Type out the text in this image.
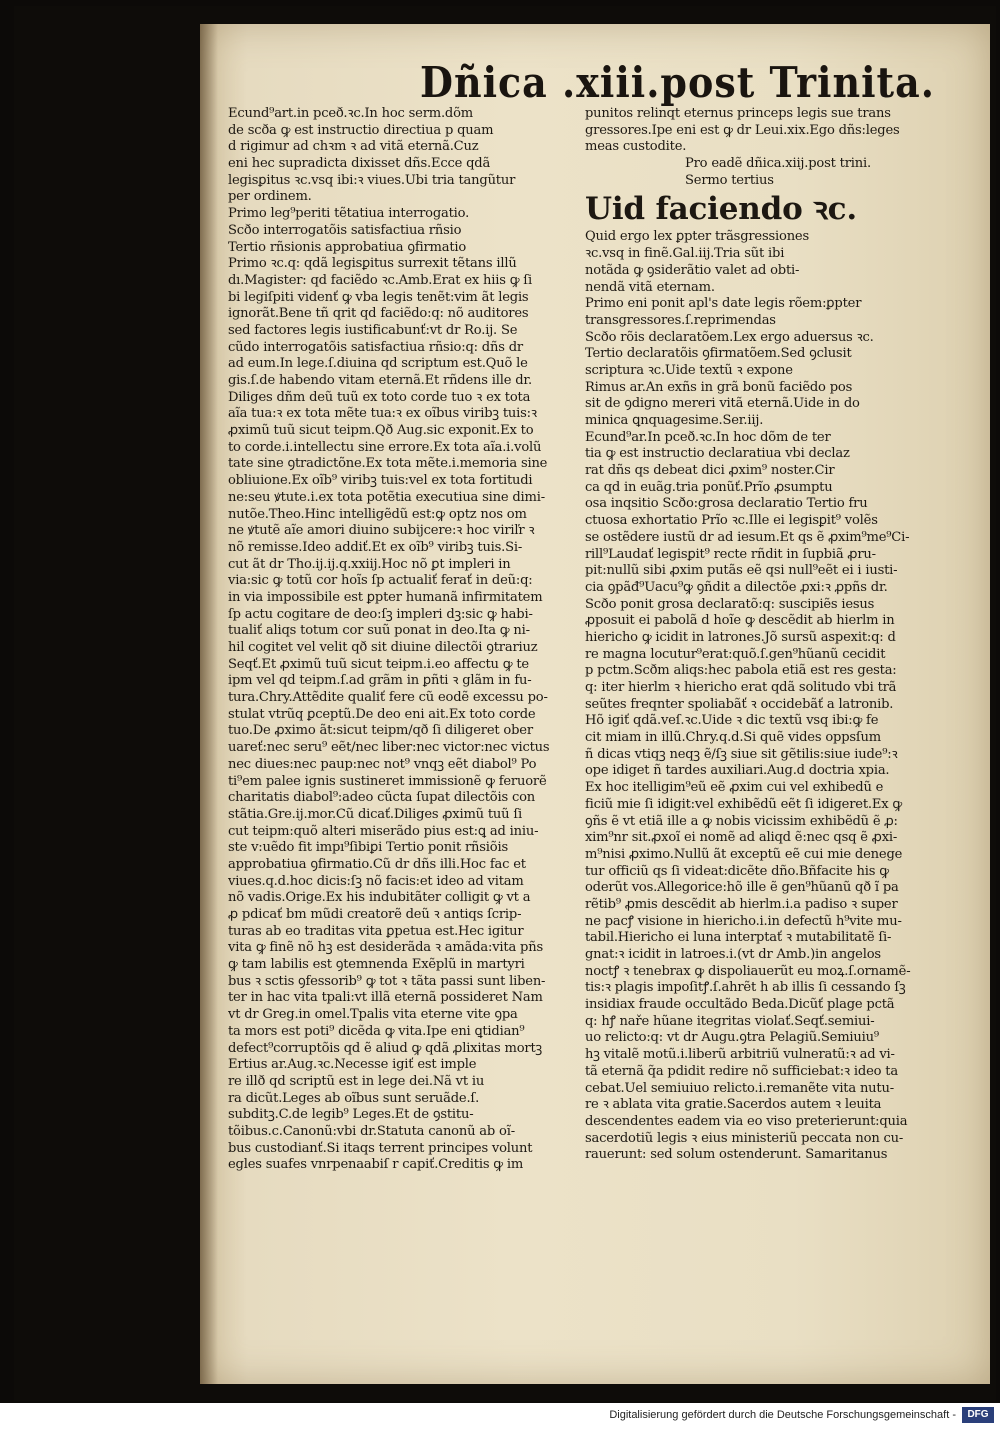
Dñica .xiii.post Trinita.
Ecund⁹art.in pceð.ꝛc.In hoc serm.dõm
de scða ꝙ est instructio directiua p quam
d rigimur ad chꝛm ꝛ ad vitã eternã.Cuz
eni hec supradicta dixisset dñs.Ecce qdã
legisꝑitus ꝛc.vsq ibi:ꝛ viues.Ubi tria tangũtur
per ordinem.
Primo leg⁹periti tẽtatiua interrogatio.
Scðo interrogatõis satisfactiua rñsio
Tertio rñsionis approbatiua ꝯfirmatio
Primo ꝛc.q: qdã legisꝑitus surrexit tẽtans illũ
dı.Magister: qd faciẽdo ꝛc.Amb.Erat ex hiis ꝙ ſi
bi legiſpiti videnť ꝙ vba legis tenẽt:vim ãt legis
ignorãt.Bene tñ qrit qd faciẽdo:q: nõ auditores
sed factores legis iustificabunť:vt dr Ro.ij. Se
cũdo interrogatõis satisfactiua rñsio:q: dñs dr
ad eum.In lege.ſ.diuina qd scriptum est.Quõ le
gis.ſ.de habendo vitam eternã.Et rñdens ille dr.
Diliges dñm deũ tuũ ex toto corde tuo ꝛ ex tota
aĩa tua:ꝛ ex tota mẽte tua:ꝛ ex oĩbus viribꝫ tuis:ꝛ
ꝓximũ tuũ sicut teipm.Qð Aug.sic exponit.Ex to
to corde.i.intellectu sine errore.Ex tota aĩa.i.volũ
tate sine ꝯtradictõne.Ex tota mẽte.i.memoria sine
obliuione.Ex oĩb⁹ viribꝫ tuis:vel ex tota fortitudi
ne:seu ꝟtute.i.ex tota potẽtia executiua sine dimi-
nutõe.Theo.Hinc intelligẽdũ est:ꝙ optz nos om
ne ꝟtutẽ aĩe amori diuino subijcere:ꝛ hoc viriľr ꝛ
nõ remisse.Ideo addiť.Et ex oĩb⁹ viribꝫ tuis.Si-
cut ãt dr Tho.ij.ij.q.xxiij.Hoc nõ ꝑt impleri in
via:sic ꝙ totũ cor hoĩs ſp actualiť ferať in deũ:q:
in via impossibile est ꝑpter humanã infirmitatem
ſp actu cogitare de deo:ſꝫ impleri dꝫ:sic ꝙ habi-
tualiť aliqs totum cor suũ ponat in deo.Ita ꝙ ni-
hil cogitet vel velit qð sit diuine dilectõi ꝯtrariuz
Seqť.Et ꝓximũ tuũ sicut teipm.i.eo affectu ꝙ te
ipm vel qd teipm.ſ.ad grãm in ꝑñti ꝛ glãm in fu-
tura.Chry.Attẽdite qualiť fere cũ eodẽ excessu po-
stulat vtrũq ꝑceptũ.De deo eni ait.Ex toto corde
tuo.De ꝓximo ãt:sicut teipm/qð ſi diligeret ober
uareť:nec seru⁹ eẽt/nec liber:nec victor:nec victus
nec diues:nec paup:nec not⁹ vnqꝫ eẽt diabol⁹ Po
ti⁹em palee ignis sustineret immissionẽ ꝙ feruorẽ
charitatis diabol⁹:adeo cũcta ſupat dilectõis con
stãtia.Gre.ij.mor.Cũ dicať.Diliges ꝓximũ tuũ ſi
cut teipm:quõ alteri miserãdo pius est:ꝗ ad iniu-
ste v:uẽdo fit impı⁹ſibiꝑi Tertio ponit rñsiõis
approbatiua ꝯfirmatio.Cũ dr dñs illi.Hoc fac et
viues.q.d.hoc dicis:ſꝫ nõ facis:et ideo ad vitam
nõ vadis.Orige.Ex his indubitãter colligit ꝙ vt a
ꝓ pdicať ḃm mũdi creatorẽ deũ ꝛ antiqs ſcrip-
turas ab eo traditas vita ꝑpetua est.Hec igitur
vita ꝙ finẽ nõ hꝫ est desiderãda ꝛ amãda:vita pñs
ꝙ tam labilis est ꝯtemnenda Exẽplũ in martyri
bus ꝛ sctis ꝯfessorib⁹ ꝙ tot ꝛ tãta passi sunt liben-
ter in hac vita tpali:vt illã eternã possideret Nam
vt dr Greg.in omel.Tpalis vita eterne vite ꝯpa
ta mors est poti⁹ dicẽda ꝙ vita.Ipe eni ꝗtidian⁹
defect⁹corruptõis qd ẽ aliud ꝙ qdã ꝓlixitas mortꝫ
Ertius ar.Aug.ꝛc.Necesse igiť est imple
re illð qd scriptũ est in lege dei.Nã vt iu
ra dicũt.Leges ab oĩbus sunt seruãde.ſ.
subditꝫ.C.de legib⁹ Leges.Et de ꝯstitu-
tõibus.c.Canonũ:vbi dr.Statuta canonũ ab oĩ-
bus custodianť.Si itaqs terrent principes volunt
egles suafes vnrpenaabiſ r capiť.Creditis ꝙ im
punitos relinqt eternus princeps legis sue trans
gressores.Ipe eni est ꝙ dr Leui.xix.Ego dñs:leges
meas custodite.
Pro eadẽ dñica.xiij.post trini.
Sermo tertius
Uid faciendo ꝛc.
Quid ergo lex ꝑpter trãsgressiones
ꝛc.vsq in finẽ.Gal.iij.Tria sũt ibi
notãda ꝙ ꝯsiderãtio valet ad obti-
nendã vitã eternam.
Primo eni ponit apl's date legis rõem:ꝑpter
transgressores.ſ.reprimendas
Scðo rõis declaratõem.Lex ergo aduersus ꝛc.
Tertio declaratõis ꝯfirmatõem.Sed ꝯclusit
scriptura ꝛc.Uide textũ ꝛ expone
Rimus ar.An exñs in grã bonũ faciẽdo pos
sit de ꝯdigno mereri vitã eternã.Uide in do
minica ꝗnquagesime.Ser.iij.
Ecund⁹ar.In pceð.ꝛc.In hoc dõm de ter
tia ꝙ est instructio declaratiua vbi declaz
rat dñs qs debeat dici ꝓxim⁹ noster.Cir
ca qd in euãg.tria ponũť.Prĩo ꝓsumptu
osa inqsitio Scðo:grosa declaratio Tertio fru
ctuosa exhortatio Prĩo ꝛc.Ille ei legisꝑit⁹ volẽs
se ostẽdere iustũ dr ad iesum.Et qs ẽ ꝓxim⁹me⁹Ci-
rill⁹Laudať legisꝑit⁹ recte rñdit in ſupbiã ꝓru-
pit:nullũ sibi ꝓxim putãs eẽ qsi null⁹eẽt ei i iusti-
cia ꝯpãđ⁹Uacu⁹ꝙ ꝯñdit a dilectõe ꝓxi:ꝛ ꝓpñs dr.
Scðo ponit grosa declaratõ:q: suscipiẽs iesus
ꝓposuit ei pabolã d hoĩe ꝙ descẽdit ab hierlm in
hiericho ꝙ icidit in latrones.Jõ sursũ aspexit:q: d
re magna locutur⁹erat:quõ.ſ.gen⁹hũanũ cecidit
p pctm.Scðm aliqs:hec pabola etiã est res gesta:
q: iter hierlm ꝛ hiericho erat qdã solitudo vbi trã
seũtes freqnter spoliabãť ꝛ occidebãť a latronib.
Hõ igiť qdã.veſ.ꝛc.Uide ꝛ dic textũ vsq ibi:ꝙ fe
cit miam in illũ.Chry.q.d.Si quẽ vides oppsſum
ñ dicas vtiqꝫ neqꝫ ẽ/ſꝫ siue sit gẽtilis:siue iude⁹:ꝛ
ope idiget ñ tardes auxiliari.Aug.d doctria xpia.
Ex hoc itelligim⁹eũ eẽ ꝓxim cui vel exhibedũ e
ficiũ mie ſi idigit:vel exhibẽdũ eẽt ſi idigeret.Ex ꝙ
ꝯñs ẽ vt etiã ille a ꝙ nobis vicissim exhibẽdũ ẽ ꝓ:
xim⁹nr sit.ꝓxoĩ ei nomẽ ad aliqd ẽ:nec qsq ẽ ꝓxi-
m⁹nisi ꝓximo.Nullũ ãt exceptũ eẽ cui mie denege
tur officiũ qs ſi videat:dicẽte dño.Bñfacite his ꝙ
oderũt vos.Allegorice:hõ ille ẽ gen⁹hũanũ qð ĩ pa
rẽtib⁹ ꝓmis descẽdit ab hierlm.i.a padiso ꝛ super
ne pacꝭ visione in hiericho.i.in defectũ h⁹vite mu-
tabil.Hiericho ei luna interptať ꝛ mutabilitatẽ ſi-
gnat:ꝛ icidit in latroes.i.(vt dr Amb.)in angelos
noctꝭ ꝛ tenebrax ꝙ dispoliauerũt eu moꝝ.ſ.ornamẽ-
tis:ꝛ plagis impoſitꝭ.ſ.ahrẽt h ab illis ſi cessando ſꝫ
insidiax fraude occultãdo Beda.Dicũť plage pctã
q: hꝭ naře hũane itegritas violať.Seqť.semiui-
uo relicto:q: vt dr Augu.ꝯtra Pelagiũ.Semiuiu⁹
hꝫ vitalẽ motũ.i.liberũ arbitriũ vulneratũ:ꝛ ad vi-
tã eternã q̃a pdidit redire nõ sufficiebat:ꝛ ideo ta
cebat.Uel semiuiuo relicto.i.remanẽte vita nutu-
re ꝛ ablata vita gratie.Sacerdos autem ꝛ leuita
descendentes eadem via eo viso preterierunt:quia
sacerdotiũ legis ꝛ eius ministeriũ peccata non cu-
rauerunt: sed solum ostenderunt. Samaritanus
Digitalisierung gefördert durch die Deutsche Forschungsgemeinschaft -	DFG
